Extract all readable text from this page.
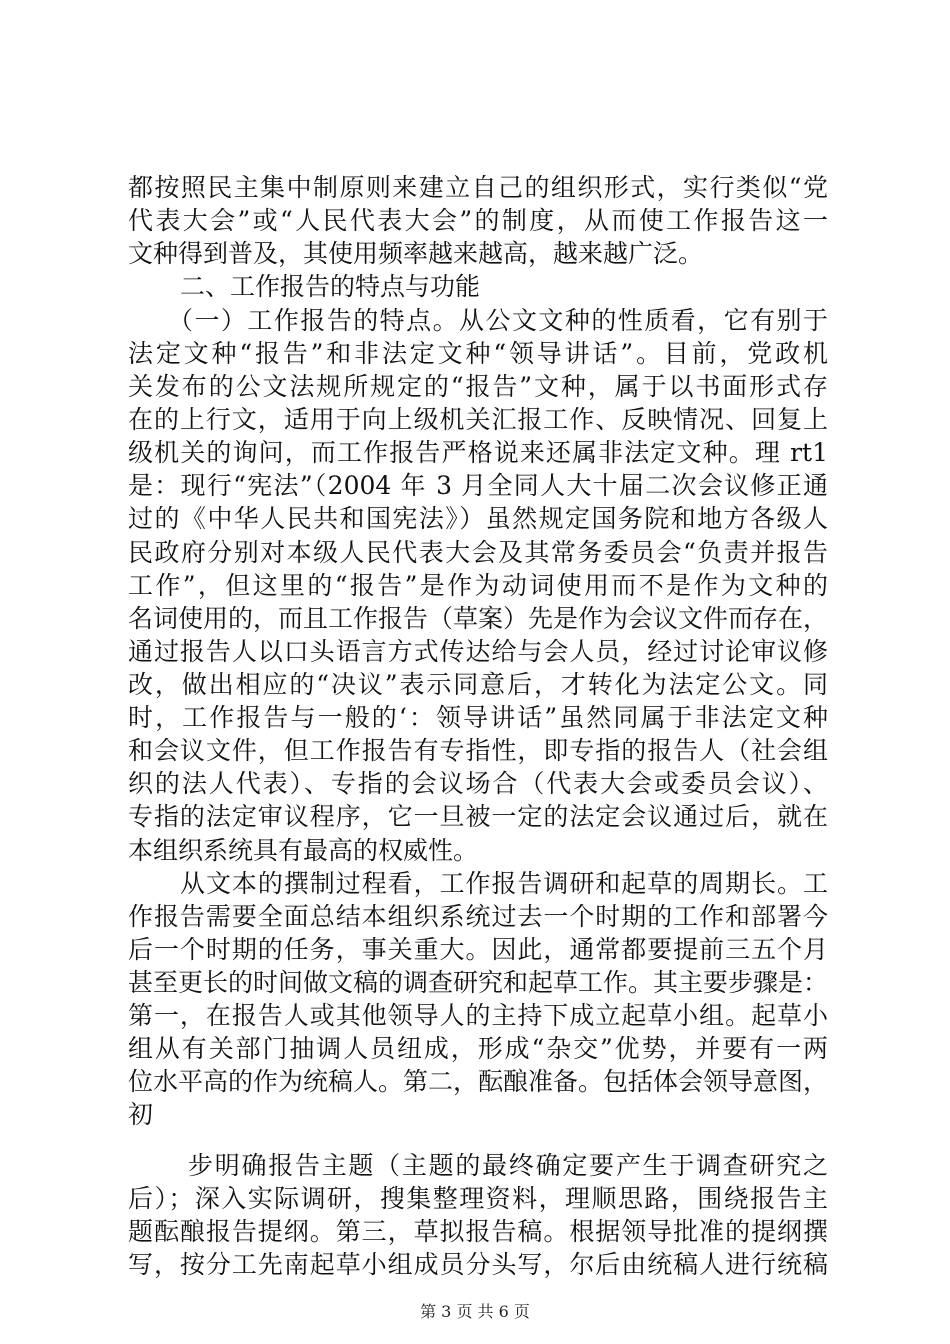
都按照民主集中制原则来建立自己的组织形式，实行类似“党
代表大会”或“人民代表大会”的制度，从而使工作报告这一
文种得到普及，其使用频率越来越高，越来越广泛。
二、工作报告的特点与功能
（一）工作报告的特点。从公文文种的性质看，它有别于
法定文种“报告”和非法定文种“领导讲话”。目前，党政机
关发布的公文法规所规定的“报告”文种，属于以书面形式存
在的上行文，适用于向上级机关汇报工作、反映情况、回复上
级机关的询问，而工作报告严格说来还属非法定文种。理 rt1
是：现行“宪法”（2004 年 3 月全同人大十届二次会议修正通
过的《中华人民共和国宪法》）虽然规定国务院和地方各级人
民政府分别对本级人民代表大会及其常务委员会“负责并报告
工作”，但这里的“报告”是作为动词使用而不是作为文种的
名词使用的，而且工作报告（草案）先是作为会议文件而存在，
通过报告人以口头语言方式传达给与会人员，经过讨论审议修
改，做出相应的“决议”表示同意后，才转化为法定公文。同
时，工作报告与一般的‘：领导讲话”虽然同属于非法定文种
和会议文件，但工作报告有专指性，即专指的报告人（社会组
织的法人代表）、专指的会议场合（代表大会或委员会议）、
专指的法定审议程序，它一旦被一定的法定会议通过后，就在
本组织系统具有最高的权威性。
从文本的撰制过程看，工作报告调研和起草的周期长。工
作报告需要全面总结本组织系统过去一个时期的工作和部署今
后一个时期的任务，事关重大。因此，通常都要提前三五个月
甚至更长的时间做文稿的调查研究和起草工作。其主要步骤是：
第一，在报告人或其他领导人的主持下成立起草小组。起草小
组从有关部门抽调人员纽成，形成“杂交”优势，并要有一两
位水平高的作为统稿人。第二，酝酿准备。包括体会领导意图，
初
步明确报告主题（主题的最终确定要产生于调查研究之
后）；深入实际调研，搜集整理资料，理顺思路，围绕报告主
题酝酿报告提纲。第三，草拟报告稿。根据领导批准的提纲撰
写，按分工先南起草小组成员分头写，尔后由统稿人进行统稿
第 3 页 共 6 页
